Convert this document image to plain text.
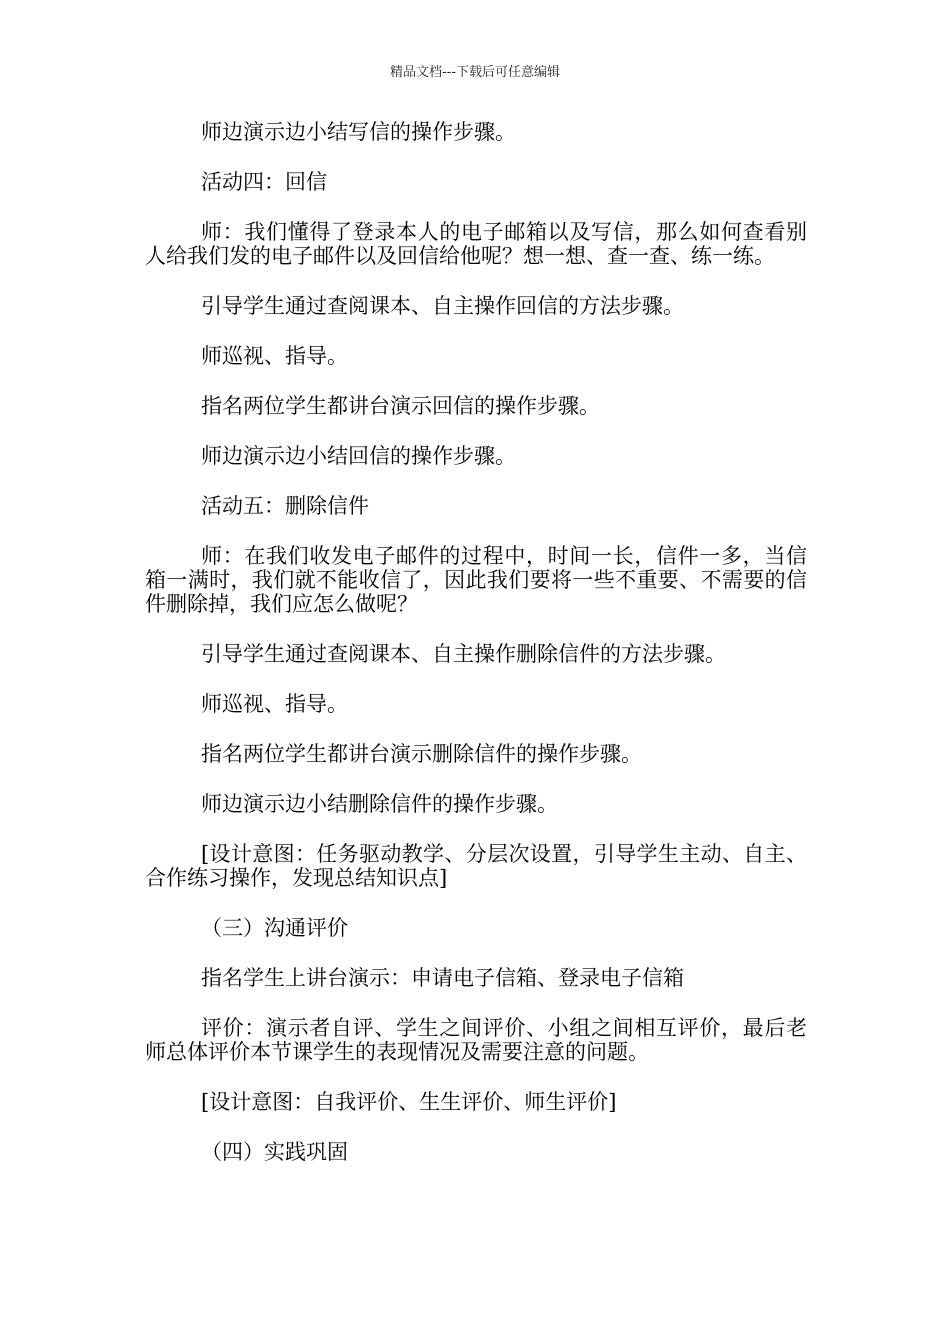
精品文档---下载后可任意编辑

师边演示边小结写信的操作步骤。

活动四：回信

师：我们懂得了登录本人的电子邮箱以及写信，那么如何查看别人给我们发的电子邮件以及回信给他呢？想一想、查一查、练一练。

引导学生通过查阅课本、自主操作回信的方法步骤。

师巡视、指导。

指名两位学生都讲台演示回信的操作步骤。

师边演示边小结回信的操作步骤。

活动五：删除信件

师：在我们收发电子邮件的过程中，时间一长，信件一多，当信箱一满时，我们就不能收信了，因此我们要将一些不重要、不需要的信件删除掉，我们应怎么做呢？

引导学生通过查阅课本、自主操作删除信件的方法步骤。

师巡视、指导。

指名两位学生都讲台演示删除信件的操作步骤。

师边演示边小结删除信件的操作步骤。

[设计意图：任务驱动教学、分层次设置，引导学生主动、自主、合作练习操作，发现总结知识点]

（三）沟通评价

指名学生上讲台演示：申请电子信箱、登录电子信箱

评价：演示者自评、学生之间评价、小组之间相互评价，最后老师总体评价本节课学生的表现情况及需要注意的问题。

[设计意图：自我评价、生生评价、师生评价]

（四）实践巩固
